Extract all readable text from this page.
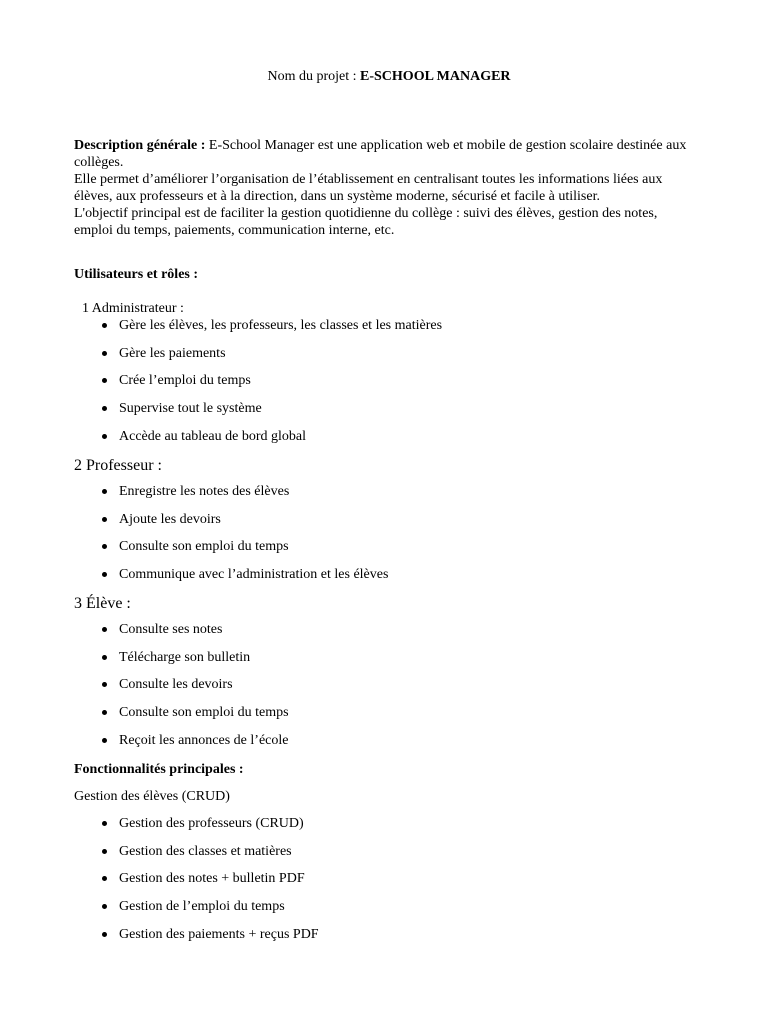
Nom du projet : E-SCHOOL MANAGER

Description générale : E-School Manager est une application web et mobile de gestion scolaire destinée aux collèges.

Elle permet d’améliorer l’organisation de l’établissement en centralisant toutes les informations liées aux élèves, aux professeurs et à la direction, dans un système moderne, sécurisé et facile à utiliser.

L'objectif principal est de faciliter la gestion quotidienne du collège : suivi des élèves, gestion des notes, emploi du temps, paiements, communication interne, etc.

Utilisateurs et rôles :
1 Administrateur :
Gère les élèves, les professeurs, les classes et les matières
Gère les paiements
Crée l’emploi du temps
Supervise tout le système
Accède au tableau de bord global
2 Professeur :
Enregistre les notes des élèves
Ajoute les devoirs
Consulte son emploi du temps
Communique avec l’administration et les élèves
3 Élève :
Consulte ses notes
Télécharge son bulletin
Consulte les devoirs
Consulte son emploi du temps
Reçoit les annonces de l’école
Fonctionnalités principales :
Gestion des élèves (CRUD)
Gestion des professeurs (CRUD)
Gestion des classes et matières
Gestion des notes + bulletin PDF
Gestion de l’emploi du temps
Gestion des paiements + reçus PDF
